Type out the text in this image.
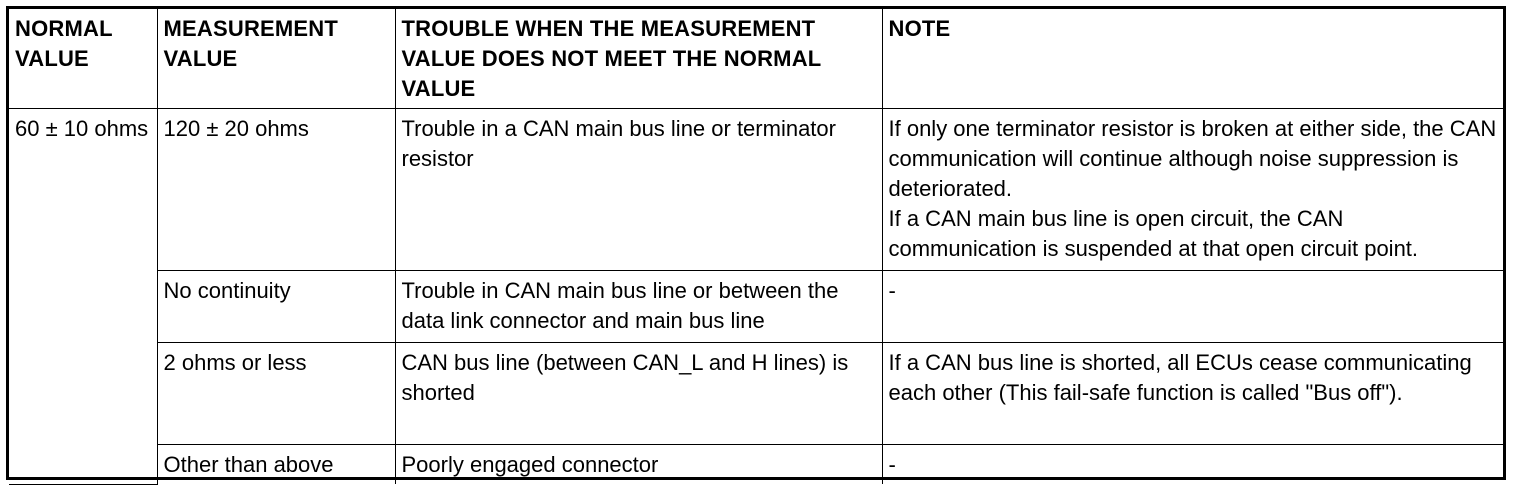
NORMAL VALUE	MEASUREMENT VALUE	TROUBLE WHEN THE MEASUREMENT VALUE DOES NOT MEET THE NORMAL VALUE	NOTE
60 ± 10 ohms	120 ± 20 ohms	Trouble in a CAN main bus line or terminator resistor	If only one terminator resistor is broken at either side, the CAN communication will continue although noise suppression is deteriorated.
If a CAN main bus line is open circuit, the CAN communication is suspended at that open circuit point.

	No continuity	Trouble in CAN main bus line or between the data link connector and main bus line	-
	2 ohms or less	CAN bus line (between CAN_L and H lines) is shorted	If a CAN bus line is shorted, all ECUs cease communicating each other (This fail-safe function is called "Bus off").
	Other than above	Poorly engaged connector	-
